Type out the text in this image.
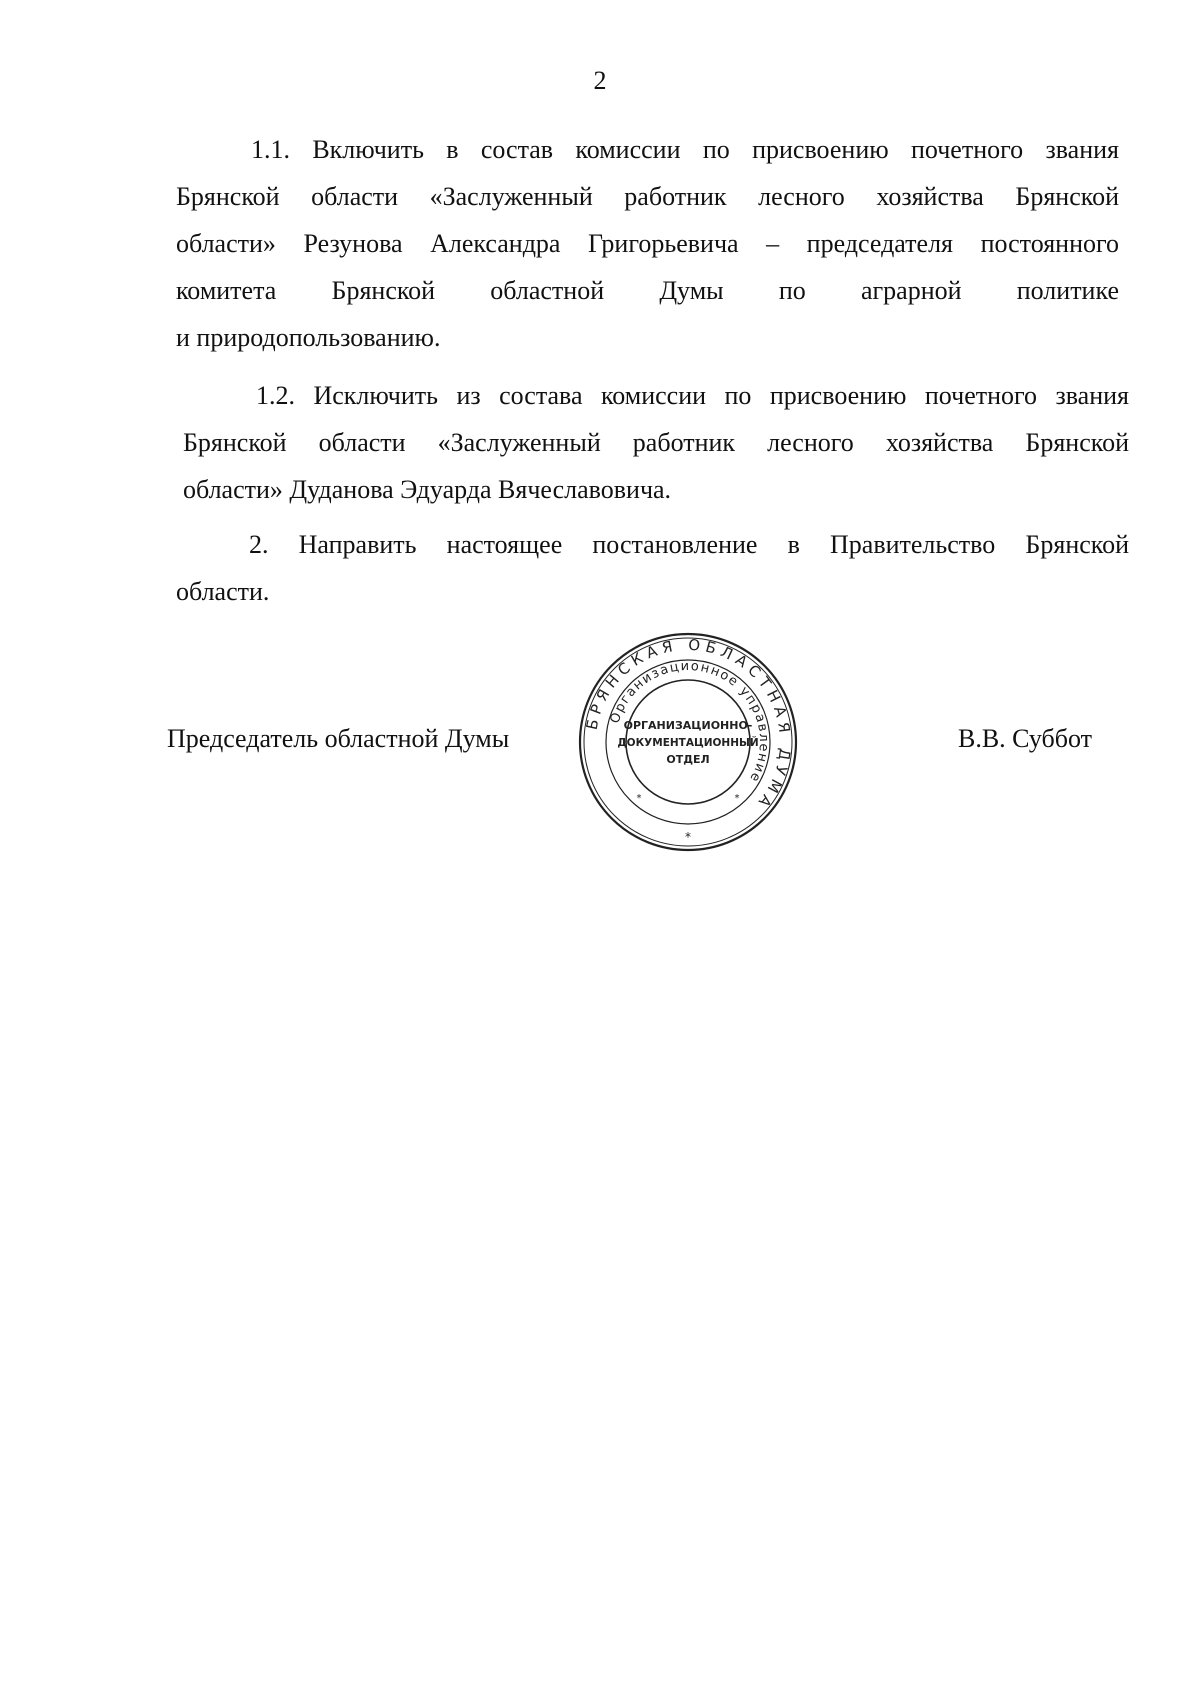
2
1.1. Включить в состав комиссии по присвоению почетного звания
Брянской области «Заслуженный работник лесного хозяйства Брянской
области» Резунова Александра Григорьевича – председателя постоянного
комитета Брянской областной Думы по аграрной политике
и природопользованию.
1.2. Исключить из состава комиссии по присвоению почетного звания
Брянской области «Заслуженный работник лесного хозяйства Брянской
области» Дуданова Эдуарда Вячеславовича.
2. Направить настоящее постановление в Правительство Брянской
области.
Председатель областной Думы
БРЯНСКАЯ ОБЛАСТНАЯ ДУМА
Организационное управление
ОРГАНИЗАЦИОННО-
ДОКУМЕНТАЦИОННЫЙ
ОТДЕЛ
*
*	*
В.В. Суббот
